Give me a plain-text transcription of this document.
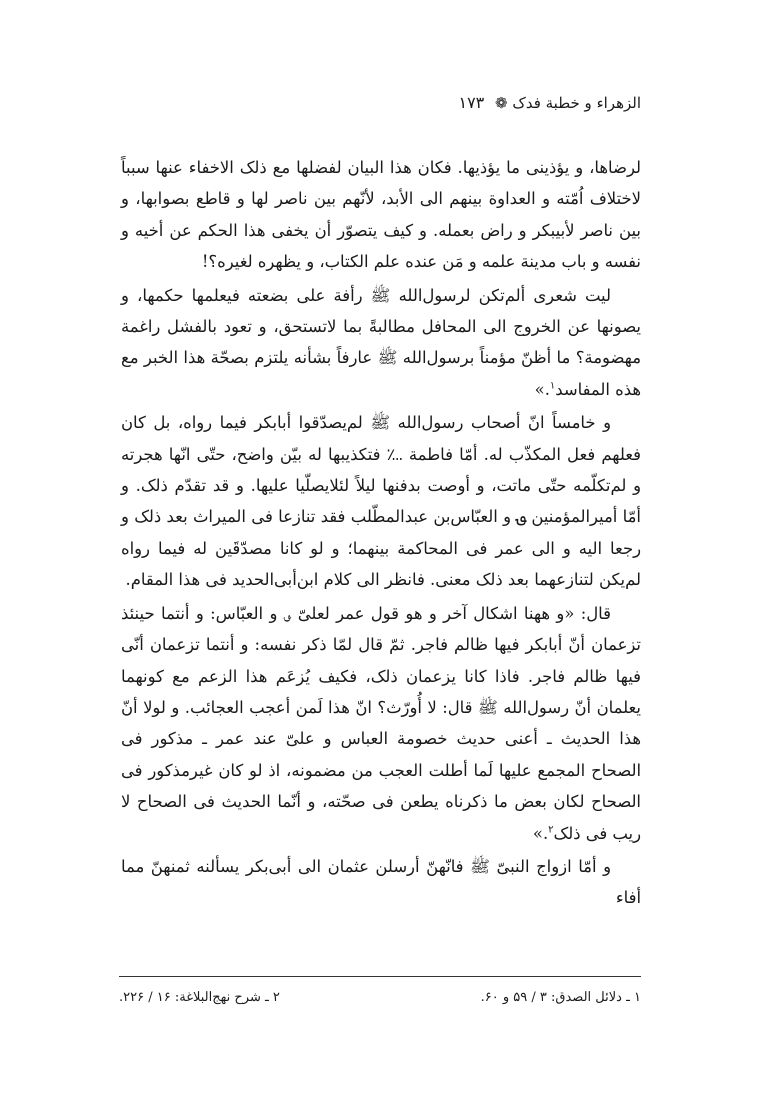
الزهراء و خطبة فدک ❁ ۱۷۳

لرضاها، و یؤذینی ما یؤذیها. فکان هذا البیان لفضلها مع ذلک الاخفاء عنها سبباً لاختلاف اُمّته و العداوة بینهم الی الأبد، لأنّهم بین ناصر لها و قاطع بصوابها، و بین ناصر لأبیبکر و راض بعمله. و کیف یتصوّر أن یخفی هذا الحکم عن أخیه و نفسه و باب مدینة علمه و مَن عنده علم الکتاب، و یظهره لغیره؟!

لیت شعری ألم‌تکن لرسول‌الله ﷺ رأفة علی بضعته فیعلمها حکمها، و یصونها عن الخروج الی المحافل مطالبةً بما لاتستحق، و تعود بالفشل راغمة مهضومة؟ ما أظنّ مؤمناً برسول‌الله ﷺ عارفاً بشأنه یلتزم بصحّة هذا الخبر مع هذه المفاسد$^۱$.»

و خامساً انّ أصحاب رسول‌الله ﷺ لم‌یصدّقوا أبابکر فیما رواه، بل کان فعلهم فعل المکذّب له. أمّا فاطمة ؊ فتکذیبها له بیّن واضح، حتّی انّها هجرته و لم‌تکلّمه حتّی ماتت، و أوصت بدفنها لیلاً لئلا‌یصلّیا علیها. و قد تقدّم ذلک. و أمّا أمیرالمؤمنین ؈ و العبّاس‌بن عبدالمطّلب فقد تنازعا فی المیراث بعد ذلک و رجعا الیه و الی عمر فی المحاکمة بینهما؛ و لو کانا مصدّقَین له فیما رواه لم‌یکن لتنازعهما بعد ذلک معنی. فانظر الی کلام ابن‌أبی‌الحدید فی هذا المقام.

قال: «و ههنا اشکال آخر و هو قول عمر لعلیّ ؈ و العبّاس: و أنتما حینئذ تزعمان أنّ أبابکر فیها ظالم فاجر. ثمّ قال لمّا ذکر نفسه: و أنتما تزعمان أنّی فیها ظالم فاجر. فاذا کانا یزعمان ذلک، فکیف یُزعَم هذا الزعم مع کونهما یعلمان أنّ رسول‌الله ﷺ قال: لا أُورّث؟ انّ هذا لَمن أعجب العجائب. و لولا أنّ هذا الحدیث ـ أعنی حدیث خصومة العباس و علیّ عند عمر ـ مذکور فی الصحاح المجمع علیها لَما أطلت العجب من مضمونه، اذ لو کان غیرمذکور فی الصحاح لکان بعض ما ذکرناه یطعن فی صحّته، و أنّما الحدیث فی الصحاح لا ریب فی ذلک$^۲$.»

و أمّا ازواج النبیّ ﷺ فانّهنّ أرسلن عثمان الی أبی‌بکر یسألنه ثمنهنّ مما أفاء

۱ ـ دلائل الصدق: ۳ / ۵۹ و ۶۰.
۲ ـ شرح نهج‌البلاغة: ۱۶ / ۲۲۶.
